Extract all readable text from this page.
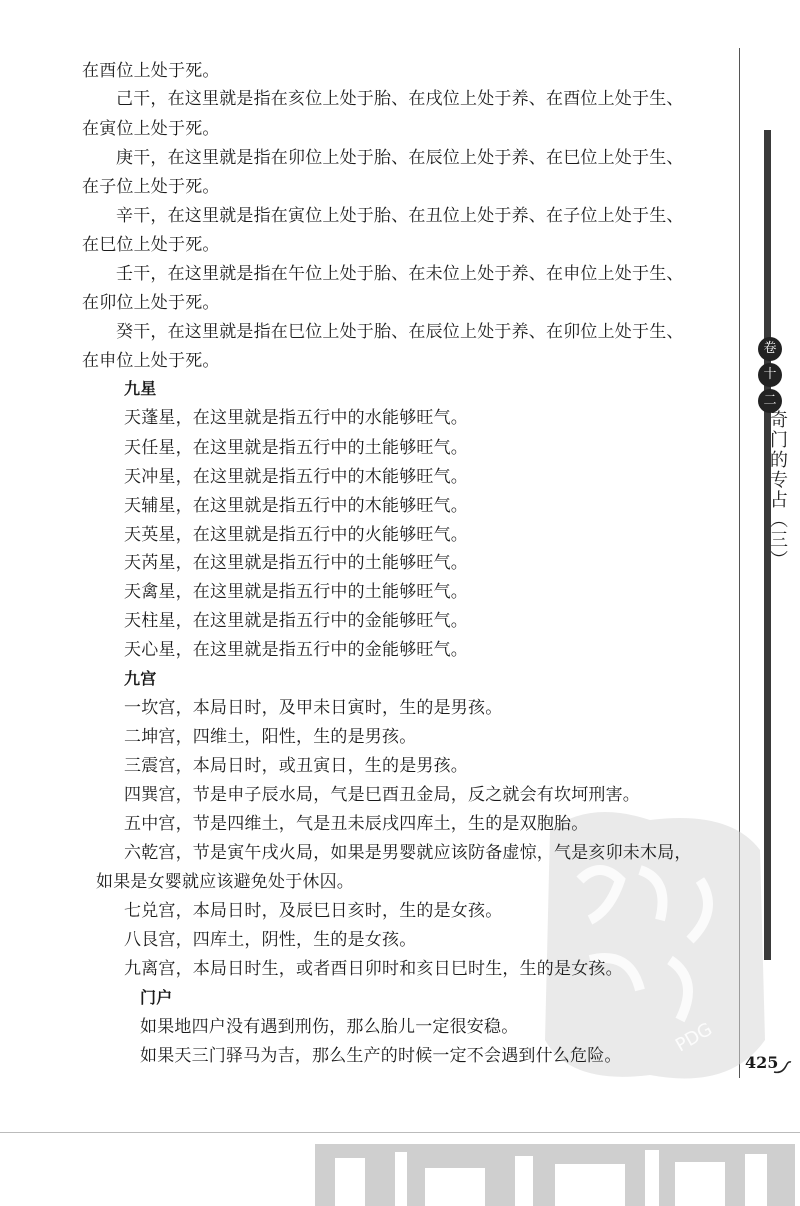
PDG
在酉位上处于死。
己干，在这里就是指在亥位上处于胎、在戌位上处于养、在酉位上处于生、
在寅位上处于死。
庚干，在这里就是指在卯位上处于胎、在辰位上处于养、在巳位上处于生、
在子位上处于死。
辛干，在这里就是指在寅位上处于胎、在丑位上处于养、在子位上处于生、
在巳位上处于死。
壬干，在这里就是指在午位上处于胎、在未位上处于养、在申位上处于生、
在卯位上处于死。
癸干，在这里就是指在巳位上处于胎、在辰位上处于养、在卯位上处于生、
在申位上处于死。
九星
天蓬星，在这里就是指五行中的水能够旺气。
天任星，在这里就是指五行中的土能够旺气。
天冲星，在这里就是指五行中的木能够旺气。
天辅星，在这里就是指五行中的木能够旺气。
天英星，在这里就是指五行中的火能够旺气。
天芮星，在这里就是指五行中的土能够旺气。
天禽星，在这里就是指五行中的土能够旺气。
天柱星，在这里就是指五行中的金能够旺气。
天心星，在这里就是指五行中的金能够旺气。
九宫
一坎宫，本局日时，及甲未日寅时，生的是男孩。
二坤宫，四维土，阳性，生的是男孩。
三震宫，本局日时，或丑寅日，生的是男孩。
四巽宫，节是申子辰水局，气是巳酉丑金局，反之就会有坎坷刑害。
五中宫，节是四维土，气是丑未辰戌四库土，生的是双胞胎。
六乾宫，节是寅午戌火局，如果是男婴就应该防备虚惊，气是亥卯未木局，
如果是女婴就应该避免处于休囚。
七兑宫，本局日时，及辰巳日亥时，生的是女孩。
八艮宫，四库土，阴性，生的是女孩。
九离宫，本局日时生，或者酉日卯时和亥日巳时生，生的是女孩。
门户
如果地四户没有遇到刑伤，那么胎儿一定很安稳。
如果天三门驿马为吉，那么生产的时候一定不会遇到什么危险。
卷
十
二
奇门的专占（三）
425
